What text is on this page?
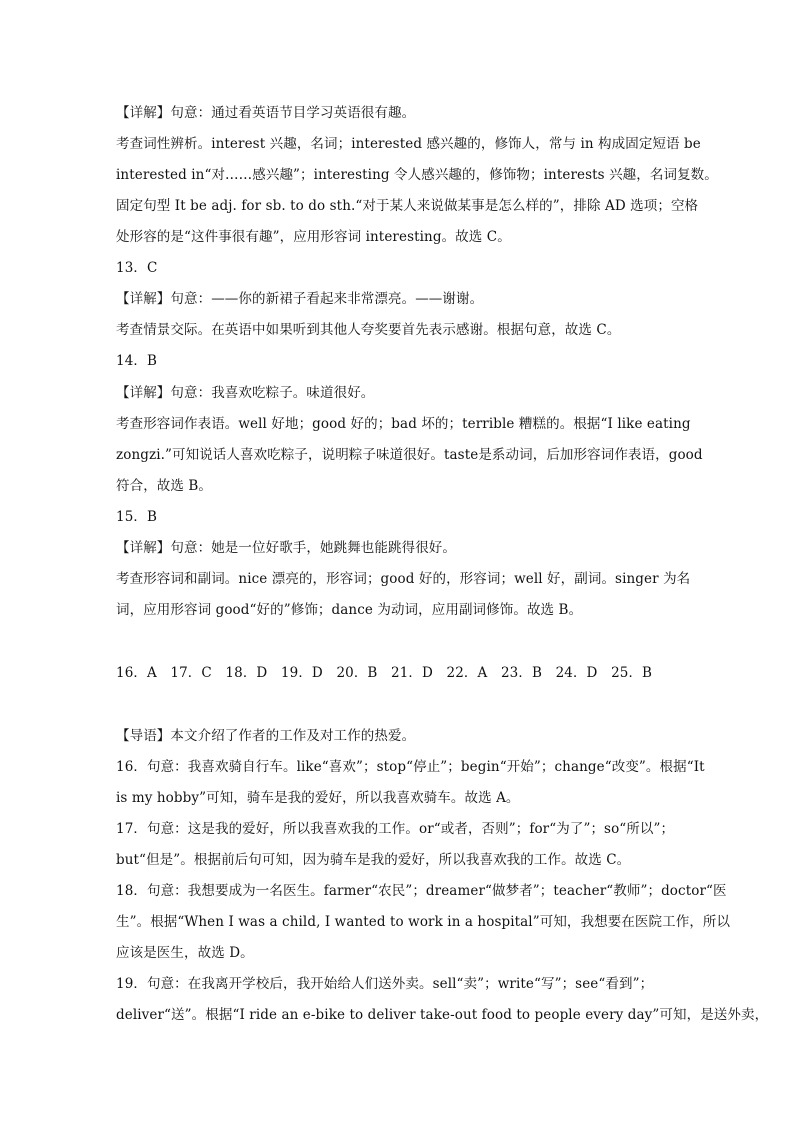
【详解】句意：通过看英语节目学习英语很有趣。
考查词性辨析。interest 兴趣，名词；interested 感兴趣的，修饰人，常与 in 构成固定短语 be
interested in“对……感兴趣”；interesting 令人感兴趣的，修饰物；interests 兴趣，名词复数。
固定句型 It be adj. for sb. to do sth.“对于某人来说做某事是怎么样的”，排除 AD 选项；空格
处形容的是“这件事很有趣”，应用形容词 interesting。故选 C。
13．C
【详解】句意：——你的新裙子看起来非常漂亮。——谢谢。
考查情景交际。在英语中如果听到其他人夸奖要首先表示感谢。根据句意，故选 C。
14．B
【详解】句意：我喜欢吃粽子。味道很好。
考查形容词作表语。well 好地；good 好的；bad 坏的；terrible 糟糕的。根据“I like eating
zongzi.”可知说话人喜欢吃粽子，说明粽子味道很好。taste是系动词，后加形容词作表语，good
符合，故选 B。
15．B
【详解】句意：她是一位好歌手，她跳舞也能跳得很好。
考查形容词和副词。nice 漂亮的，形容词；good 好的，形容词；well 好，副词。singer 为名
词，应用形容词 good“好的”修饰；dance 为动词，应用副词修饰。故选 B。
16．A　17．C　18．D　19．D　20．B　21．D　22．A　23．B　24．D　25．B
【导语】本文介绍了作者的工作及对工作的热爱。
16．句意：我喜欢骑自行车。like“喜欢”；stop“停止”；begin“开始”；change“改变”。根据“It
is my hobby”可知，骑车是我的爱好，所以我喜欢骑车。故选 A。
17．句意：这是我的爱好，所以我喜欢我的工作。or“或者，否则”；for“为了”；so“所以”；
but“但是”。根据前后句可知，因为骑车是我的爱好，所以我喜欢我的工作。故选 C。
18．句意：我想要成为一名医生。farmer“农民”；dreamer“做梦者”；teacher“教师”；doctor“医
生”。根据“When I was a child, I wanted to work in a hospital”可知，我想要在医院工作，所以
应该是医生，故选 D。
19．句意：在我离开学校后，我开始给人们送外卖。sell“卖”；write“写”；see“看到”；
deliver“送”。根据“I ride an e-bike to deliver take-out food to people every day”可知，是送外卖，
